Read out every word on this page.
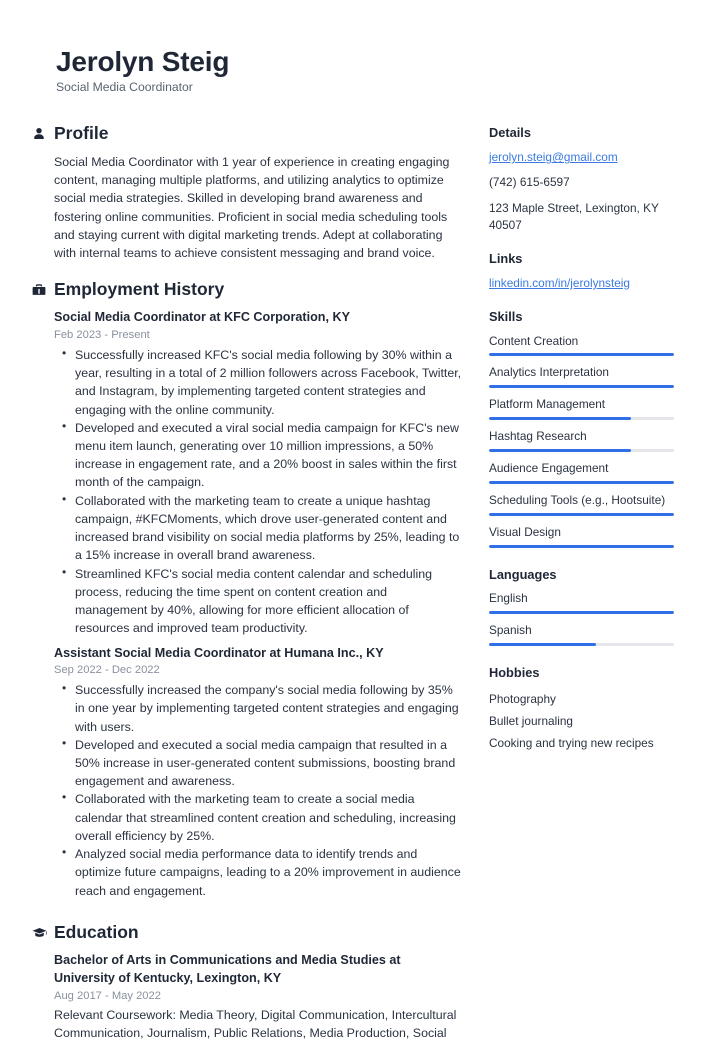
Jerolyn Steig
Social Media Coordinator
Profile

Social Media Coordinator with 1 year of experience in creating engaging content, managing multiple platforms, and utilizing analytics to optimize social media strategies. Skilled in developing brand awareness and fostering online communities. Proficient in social media scheduling tools and staying current with digital marketing trends. Adept at collaborating with internal teams to achieve consistent messaging and brand voice.

Employment History
Social Media Coordinator at KFC Corporation, KY
Feb 2023 - Present
• Successfully increased KFC's social media following by 30% within a year, resulting in a total of 2 million followers across Facebook, Twitter, and Instagram, by implementing targeted content strategies and engaging with the online community.
• Developed and executed a viral social media campaign for KFC's new menu item launch, generating over 10 million impressions, a 50% increase in engagement rate, and a 20% boost in sales within the first month of the campaign.
• Collaborated with the marketing team to create a unique hashtag campaign, #KFCMoments, which drove user-generated content and increased brand visibility on social media platforms by 25%, leading to a 15% increase in overall brand awareness.
• Streamlined KFC's social media content calendar and scheduling process, reducing the time spent on content creation and management by 40%, allowing for more efficient allocation of resources and improved team productivity.
Assistant Social Media Coordinator at Humana Inc., KY
Sep 2022 - Dec 2022
• Successfully increased the company's social media following by 35% in one year by implementing targeted content strategies and engaging with users.
• Developed and executed a social media campaign that resulted in a 50% increase in user-generated content submissions, boosting brand engagement and awareness.
• Collaborated with the marketing team to create a social media calendar that streamlined content creation and scheduling, increasing overall efficiency by 25%.
• Analyzed social media performance data to identify trends and optimize future campaigns, leading to a 20% improvement in audience reach and engagement.
Education
Bachelor of Arts in Communications and Media Studies at University of Kentucky, Lexington, KY
Aug 2017 - May 2022

Relevant Coursework: Media Theory, Digital Communication, Intercultural Communication, Journalism, Public Relations, Media Production, Social

Details
jerolyn.steig@gmail.com
(742) 615-6597
123 Maple Street, Lexington, KY 40507
Links
linkedin.com/in/jerolynsteig
Skills
Content Creation
Analytics Interpretation
Platform Management
Hashtag Research
Audience Engagement
Scheduling Tools (e.g., Hootsuite)
Visual Design
Languages
English
Spanish
Hobbies
Photography
Bullet journaling
Cooking and trying new recipes
